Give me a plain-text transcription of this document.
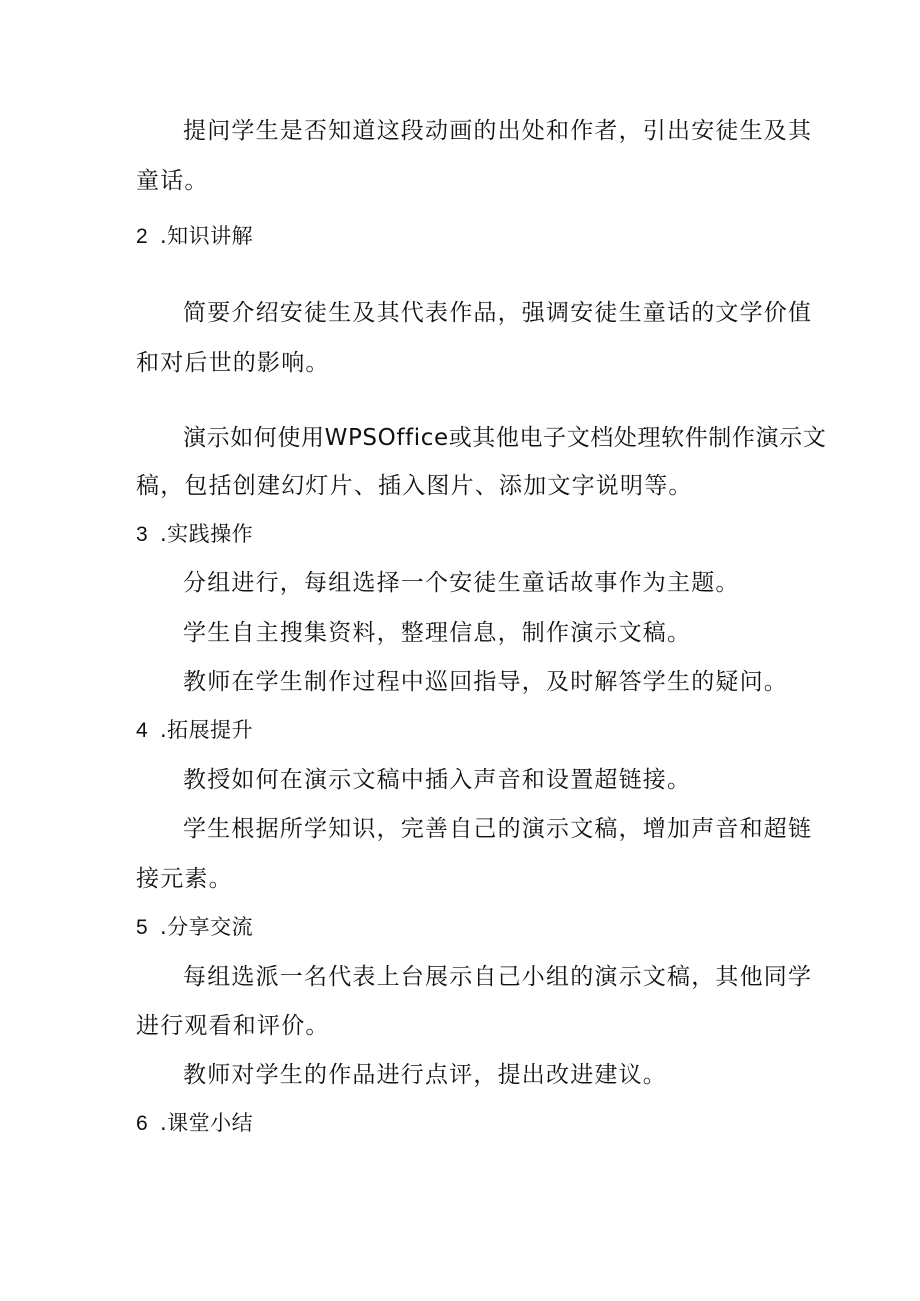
提问学生是否知道这段动画的出处和作者，引出安徒生及其
童话。
2 .知识讲解
简要介绍安徒生及其代表作品，强调安徒生童话的文学价值
和对后世的影响。
演示如何使用WPSOffice或其他电子文档处理软件制作演示文
稿，包括创建幻灯片、插入图片、添加文字说明等。
3 .实践操作
分组进行，每组选择一个安徒生童话故事作为主题。
学生自主搜集资料，整理信息，制作演示文稿。
教师在学生制作过程中巡回指导，及时解答学生的疑问。
4 .拓展提升
教授如何在演示文稿中插入声音和设置超链接。
学生根据所学知识，完善自己的演示文稿，增加声音和超链
接元素。
5 .分享交流
每组选派一名代表上台展示自己小组的演示文稿，其他同学
进行观看和评价。
教师对学生的作品进行点评，提出改进建议。
6 .课堂小结
